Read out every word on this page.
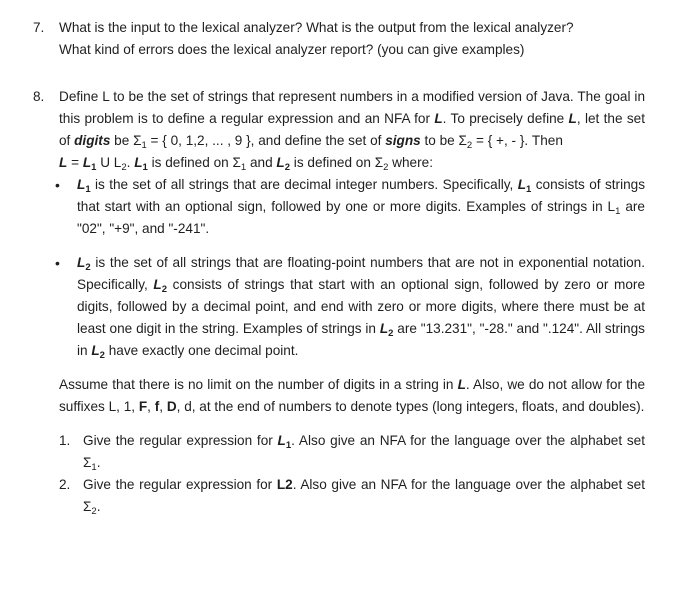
7.	What is the input to the lexical analyzer? What is the output from the lexical analyzer?
What kind of errors does the lexical analyzer report? (you can give examples)
8.	Define L to be the set of strings that represent numbers in a modified version of Java. The goal in this problem is to define a regular expression and an NFA for L. To precisely define L, let the set of digits be $\Sigma_1$ = { 0, 1,2, ... , 9 }, and define the set of signs to be $\Sigma_2$ = { +, - }. Then
$L = L_1$ U $L_2$. $L_1$ is defined on $\Sigma_1$ and $L_2$ is defined on $\Sigma_2$ where:
• $L_1$ is the set of all strings that are decimal integer numbers. Specifically, $L_1$ consists of strings that start with an optional sign, followed by one or more digits. Examples of strings in $L_1$ are "02", "+9", and "-241".
• $L_2$ is the set of all strings that are floating-point numbers that are not in exponential notation. Specifically, $L_2$ consists of strings that start with an optional sign, followed by zero or more digits, followed by a decimal point, and end with zero or more digits, where there must be at least one digit in the string. Examples of strings in $L_2$ are "13.231", "-28." and ".124". All strings in $L_2$ have exactly one decimal point.
Assume that there is no limit on the number of digits in a string in L. Also, we do not allow for the suffixes L, 1, F, f, D, d, at the end of numbers to denote types (long integers, floats, and doubles).
1. Give the regular expression for $L_1$. Also give an NFA for the language over the alphabet set $\Sigma_1$.
2. Give the regular expression for L2. Also give an NFA for the language over the alphabet set $\Sigma_2$.
